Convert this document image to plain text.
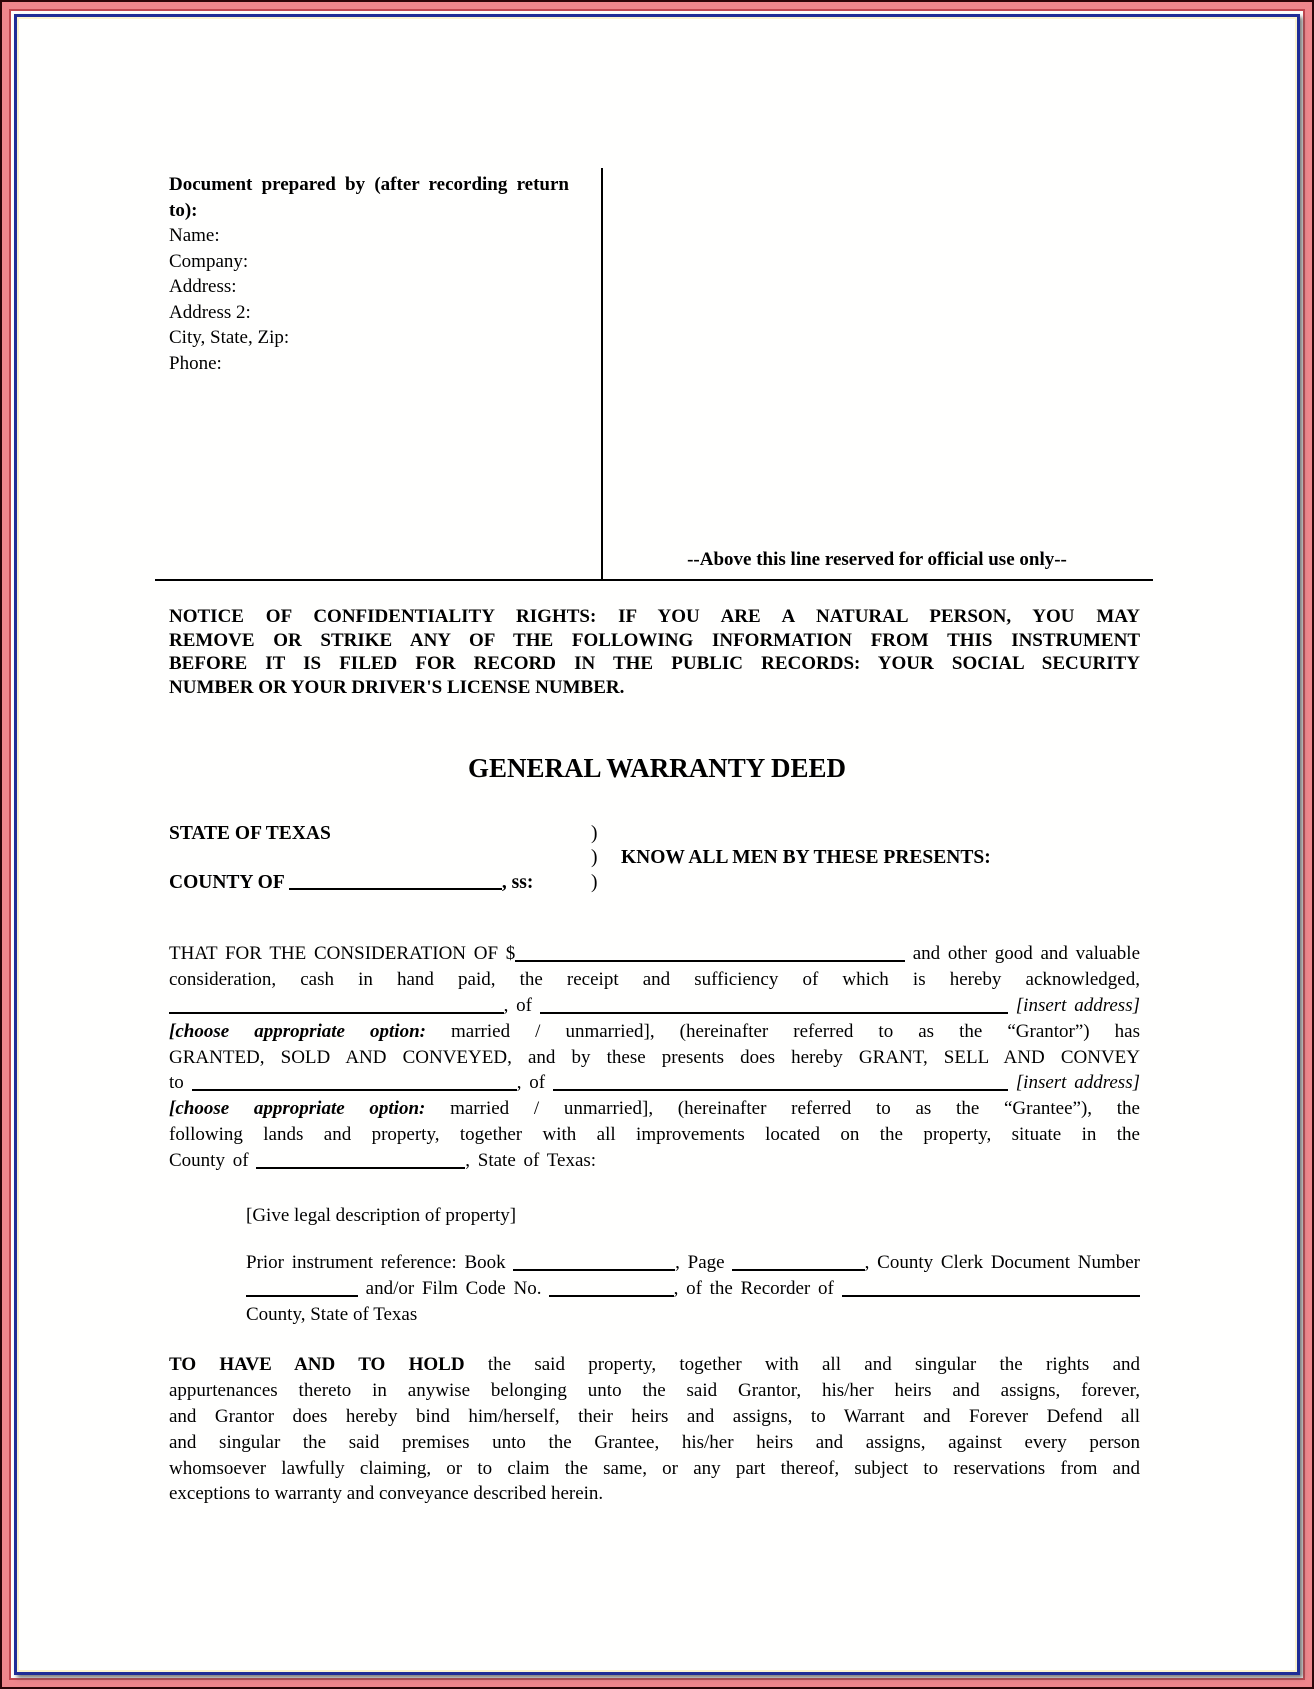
Document prepared by (after recording return to):
Name:
Company:
Address:
Address 2:
City, State, Zip:
Phone:
--Above this line reserved for official use only--
NOTICE OF CONFIDENTIALITY RIGHTS: IF YOU ARE A NATURAL PERSON, YOU MAY
REMOVE OR STRIKE ANY OF THE FOLLOWING INFORMATION FROM THIS INSTRUMENT
BEFORE IT IS FILED FOR RECORD IN THE PUBLIC RECORDS: YOUR SOCIAL SECURITY
NUMBER OR YOUR DRIVER'S LICENSE NUMBER.
GENERAL WARRANTY DEED
STATE OF TEXAS	)
) KNOW ALL MEN BY THESE PRESENTS:
COUNTY OF	, ss:	)
THAT FOR THE CONSIDERATION OF $	and other good and valuable
consideration, cash in hand paid, the receipt and sufficiency of which is hereby acknowledged,
, of	[insert address]
[choose appropriate option: married / unmarried], (hereinafter referred to as the “Grantor”) has
GRANTED, SOLD AND CONVEYED, and by these presents does hereby GRANT, SELL AND CONVEY
to	, of	[insert address]
[choose appropriate option: married / unmarried], (hereinafter referred to as the “Grantee”), the
following lands and property, together with all improvements located on the property, situate in the
County of	, State of Texas:
[Give legal description of property]
Prior instrument reference: Book	, Page	, County Clerk Document Number
and/or Film Code No.	, of the Recorder of
County, State of Texas
TO HAVE AND TO HOLD the said property, together with all and singular the rights and
appurtenances thereto in anywise belonging unto the said Grantor, his/her heirs and assigns, forever,
and Grantor does hereby bind him/herself, their heirs and assigns, to Warrant and Forever Defend all
and singular the said premises unto the Grantee, his/her heirs and assigns, against every person
whomsoever lawfully claiming, or to claim the same, or any part thereof, subject to reservations from and
exceptions to warranty and conveyance described herein.
